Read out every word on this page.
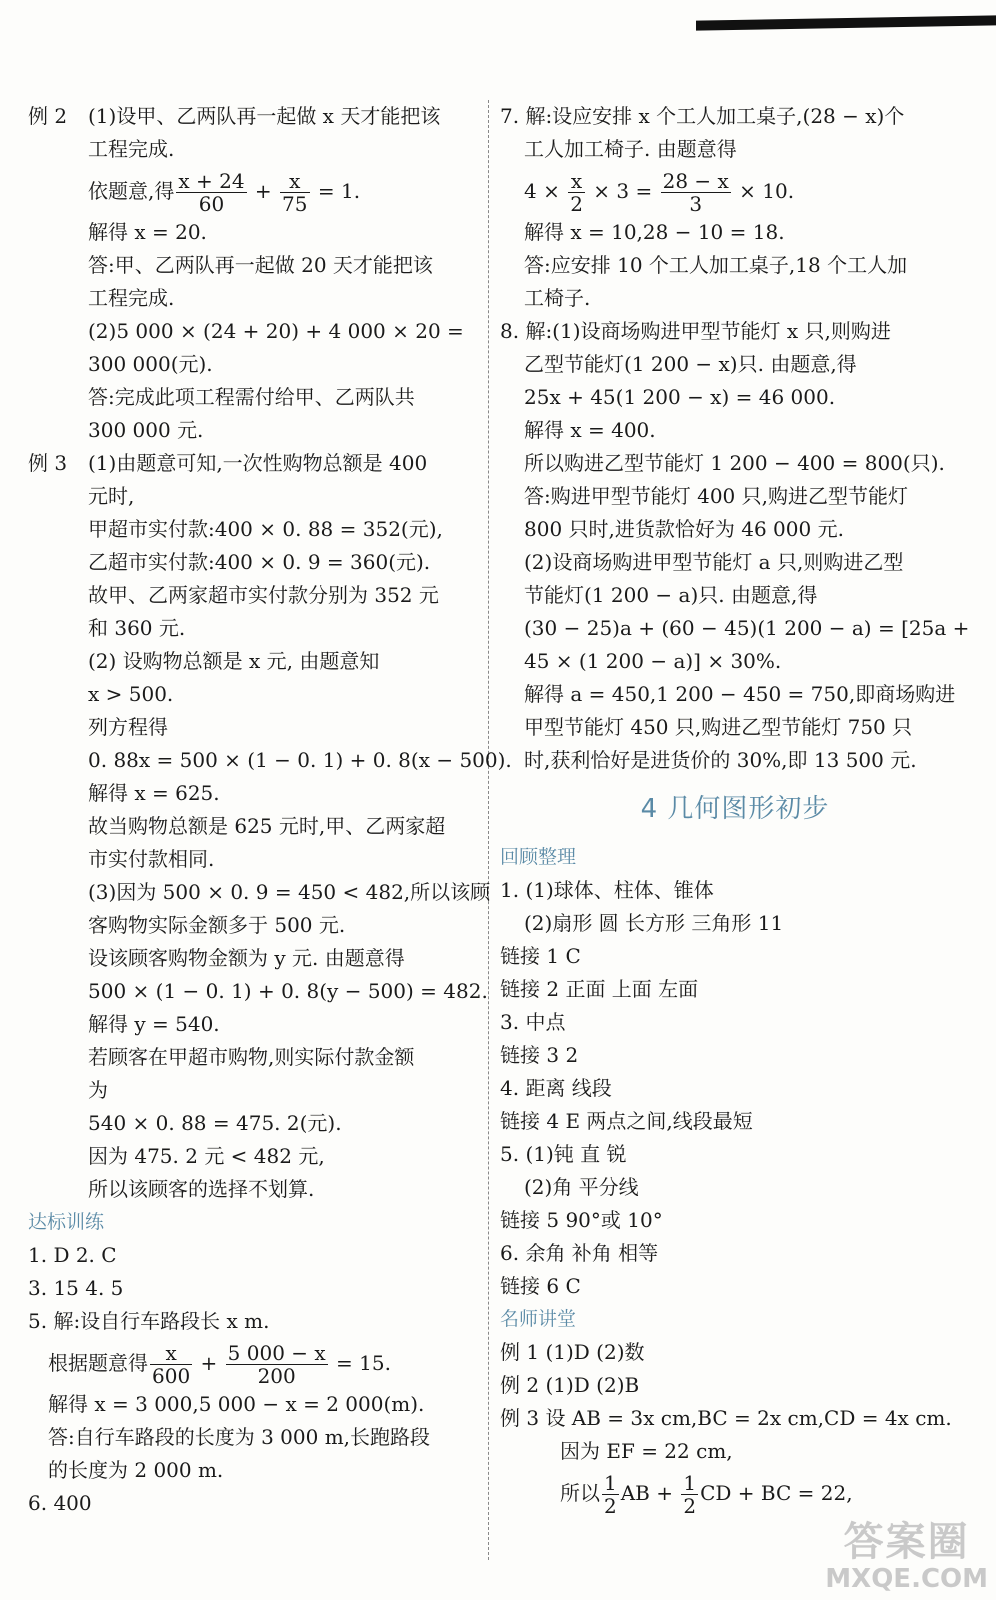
例 2	(1)设甲、乙两队再一起做 x 天才能把该
工程完成.
依题意,得 $\frac{x + 24}{60} + \frac{x}{75} = 1$.
解得 x = 20.
答:甲、乙两队再一起做 20 天才能把该
工程完成.
(2)5 000 × (24 + 20) + 4 000 × 20 =
300 000(元).
答:完成此项工程需付给甲、乙两队共
300 000 元.
例 3	(1)由题意可知,一次性购物总额是 400
元时,
甲超市实付款:400 × 0. 88 = 352(元),
乙超市实付款:400 × 0. 9 = 360(元).
故甲、乙两家超市实付款分别为 352 元
和 360 元.
(2) 设购物总额是 x 元, 由题意知
x > 500.
列方程得
0. 88x = 500 × (1 − 0. 1) + 0. 8(x − 500).
解得 x = 625.
故当购物总额是 625 元时,甲、乙两家超
市实付款相同.
(3)因为 500 × 0. 9 = 450 < 482,所以该顾
客购物实际金额多于 500 元.
设该顾客购物金额为 y 元. 由题意得
500 × (1 − 0. 1) + 0. 8(y − 500) = 482.
解得 y = 540.
若顾客在甲超市购物,则实际付款金额
为
540 × 0. 88 = 475. 2(元).
因为 475. 2 元 < 482 元,
所以该顾客的选择不划算.
达标训练
1. D 2. C
3. 15 4. 5
5. 解:设自行车路段长 x m.
根据题意得 $\frac{x}{600} + \frac{5 000 - x}{200} = 15$.
解得 x = 3 000,5 000 − x = 2 000(m).
答:自行车路段的长度为 3 000 m,长跑路段
的长度为 2 000 m.
6. 400
7. 解:设应安排 x 个工人加工桌子,(28 − x)个
工人加工椅子. 由题意得
$4 \times \frac{x}{2} \times 3 = \frac{28 - x}{3} \times 10$.
解得 x = 10,28 − 10 = 18.
答:应安排 10 个工人加工桌子,18 个工人加
工椅子.
8. 解:(1)设商场购进甲型节能灯 x 只,则购进
乙型节能灯(1 200 − x)只. 由题意,得
25x + 45(1 200 − x) = 46 000.
解得 x = 400.
所以购进乙型节能灯 1 200 − 400 = 800(只).
答:购进甲型节能灯 400 只,购进乙型节能灯
800 只时,进货款恰好为 46 000 元.
(2)设商场购进甲型节能灯 a 只,则购进乙型
节能灯(1 200 − a)只. 由题意,得
(30 − 25)a + (60 − 45)(1 200 − a) = [25a +
45 × (1 200 − a)] × 30%.
解得 a = 450,1 200 − 450 = 750,即商场购进
甲型节能灯 450 只,购进乙型节能灯 750 只
时,获利恰好是进货价的 30%,即 13 500 元.
4 几何图形初步
回顾整理
1. (1)球体、柱体、锥体
(2)扇形 圆 长方形 三角形 11
链接 1 C
链接 2 正面 上面 左面
3. 中点
链接 3 2
4. 距离 线段
链接 4 E 两点之间,线段最短
5. (1)钝 直 锐
(2)角 平分线
链接 5 90°或 10°
6. 余角 补角 相等
链接 6 C
名师讲堂
例 1 (1)D (2)数
例 2 (1)D (2)B
例 3 设 AB = 3x cm,BC = 2x cm,CD = 4x cm.
因为 EF = 22 cm,
所以 $\frac{1}{2}$ AB + $\frac{1}{2}$ CD + BC = 22,
答案圈
MXQE.COM
